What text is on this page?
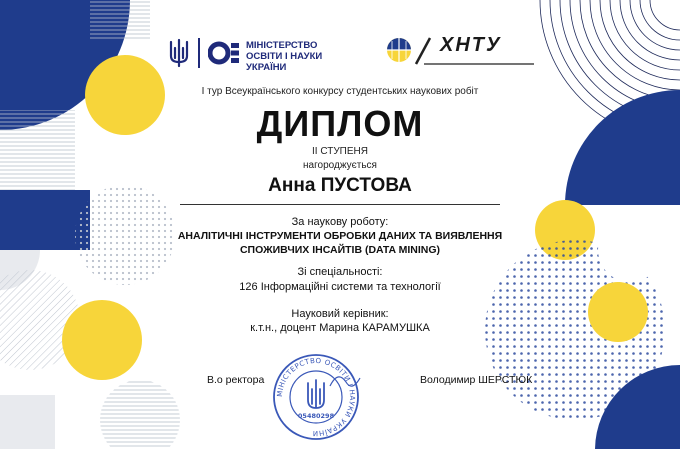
МІНІСТЕРСТВО
ОСВІТИ І НАУКИ
УКРАЇНИ
ХНТУ
І тур Всеукраїнського конкурсу студентських наукових робіт
ДИПЛОМ
ІІ СТУПЕНЯ
нагороджується
Анна ПУСТОВА
За наукову роботу:
АНАЛІТИЧНІ ІНСТРУМЕНТИ ОБРОБКИ ДАНИХ ТА ВИЯВЛЕННЯ
СПОЖИВЧИХ ІНСАЙТІВ (DATA MINING)
Зі спеціальності:
126 Інформаційні системи та технології
Науковий керівник:
к.т.н., доцент Марина КАРАМУШКА
В.о ректора	Володимир ШЕРСТЮК
МІНІСТЕРСТВО ОСВІТИ І НАУКИ УКРАЇНИ
05480298
